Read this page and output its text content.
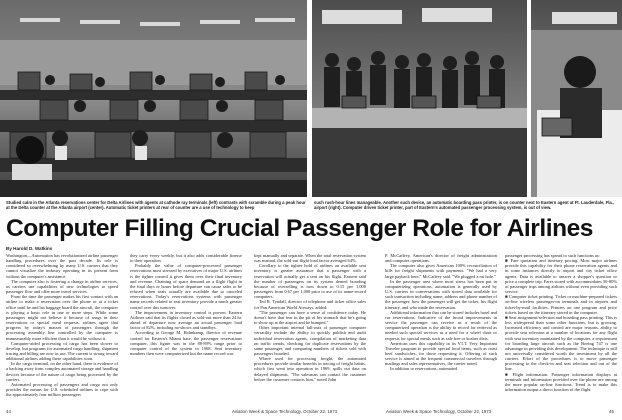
Studied calm in the Atlanta reservations center for Delta Airlines with agents at cathode ray terminals (left) contrasts with scramble during a peak hour at the Delta counter at the Atlanta airport (center). Automatic ticket printers at rear of counter are a use of technology to keep
such rush-hour lines manageable. Another such device, an automatic boarding pass printer, is on counter next to Eastern agent at Ft. Lauderdale, Fla., airport (right). Computer driven ticket printer, part of Eastern's automated passenger processing system, is out of view.
Computer Filling Crucial Passenger Role for Airlines
By Harold D. Watkins

Washington—Automation has revolutionized airline passenger handling procedures over the past decade. Its role is considered so overwhelming by many U.S. carriers that they cannot visualize the industry operating in its present form without the computer's assistance.

The computer also is fostering a change in airline services, as carriers use capabilities of new technologies to speed passenger flow and offer more travel services.

From the time the passenger makes his first contact with an airline to make a reservation over the phone or at a ticket office until he and his baggage board the aircraft, the computer is playing a basic role in one or more steps. While some passengers might not believe it because of snags in their reservations or special meal requests, airlines agree that progress by today's masses of passengers through the processing assembly line controlled by the computer is immeasurably more efficient than it would be without it.

Computer-aided processing of cargo has been slower to develop, but programs for automated cargo handling, shipment tracing and billing are now in use. The current is strong toward additional airlines adding these capabilities soon.

In the cargo terminal, on the other hand, there is evidence of a backing away from complex automated storage and handling devices because of the nature of cargo being processed by the carriers.

Automated processing of passengers and cargo not only provides the means for U.S. scheduled airlines to cope with the approximately four million passengers

they carry every weekly, but it also adds considerable finesse to their operation.

Probably the value of computer-processed passenger reservations most stressed by executives of major U.S. airlines is the tighter control it gives them over their final inventory and revenue. Chaining of space demand on a flight flight in the final days or hours before departure can cause sales to be refused when seats actually are available due to canceled reservations. Today's reservations systems with passenger name records related to seat inventory provide a much greater control over this turnover.

The improvement in inventory control is proven. Eastern Airlines said that its flights closed as sold-out more than 24 hr. ahead of departure now average an actual passenger load factor of 82%, including no-shows and standbys.

According to George M. Hohnkamp, director of revenue control for Eastern's Miami base, the passenger reservations computer, this figure was in the 88-89% range prior to computer control of the system in 1968. Seat inventory numbers then were computerized but the name record was

kept manually and separate. When the total reservation system was manual, the sold-out flight load factor averaged 64%.

Corollary to the tighter hold of airlines on available seat inventory is greater assurance that a passenger with a reservation will actually get a seat on his flight. Eastern said the number of passengers on its system denied boarding because of overselling is now down to 0.15 per 1,000 passengers from 0.67 per 1,000 prior to use of its name-record computers.

Ted R. Tyndall, director of telephone and ticket office sales for Pan American World Airways, added:

"The passenger can have a sense of confidence today. He doesn't have that fear in the pit of his stomach that he's going to show up at the airport and be bumped."

Other important internal fall-outs of passenger computer versatility include the ability to quickly publish and audit individual reservation agents, compilation of marketing data on traffic trends, checking for duplicate reservations by the same passenger, and comparing numbers of tickets sold with passengers boarded.

Where used for processing freight, the automated procedures provide similar benefits in tracing of freight habits, which first went into operation in 1969, spills out data on delayed shipments. "The salesman can contact the customer before the customer contacts him," noted John

P. McCaffrey, American's director of freight administration and computer operations.

The computer also gives American 100% reconciliation of bills for freight shipments with payments. "We had a very large payback here," McCaffrey said. "We plugged a rat hole."

In the passenger area where most stress has been put in computerizing operations, automation is generally used by U.S. carriers in conversations with stored data available for such transaction including name, address and phone number of the passenger, how the passenger will get the ticket, his flight itinerary, and who made the reservation.

Additional information that can be stored includes hotel and car reservations. Indicative of the broad improvements in service the passenger can receive as a result of the computerized operation is the ability to record for retrieval as needed such special services as a need for a wheel chair or requests for special meals such as salt-free or kosher diets.

American uses this capability in its V.I.T. Very Important Traveler program to provide special food items, such as roast beef sandwiches, for those requesting it. Offering of such service is aimed at the frequent commercial travelers through mailings and sales representatives, the carrier noted.

In addition to reservations, automated

passenger processing has spread to such functions as:

■ Fare quotation and itinerary pricing. Most major airlines provide this capability for their phone reservation agents and in some instances directly to airport and city ticket office agents. Data is available to answer a shopper's question or price a complete trip. Fares stored with accommodates 50-80% of passenger trips among airlines without even providing such service.

■ Computer ticket printing. Ticket or machine-prepared tickets on-line wireless passenger-on terminals and in airports and ticket-by-mail facilities. Printers on one program and price tickets based on the itinerary stored in the computer.

■ Seat assignment/selection and boarding pass printing. This is less widespread than some other functions, but is growing. Increased efficiency and control are major reasons, ability to provide seat selection at a number of locations for any flight with seat inventory maintained by the computer, a requirement for boarding large aircraft such as the Boeing 747 is one advantage in providing this development. The technique is still not universally considered worth the investment by all the carriers. Effort of the procedures is to move passenger processing to the check-in and seat selection and out of the line.

■ Flight information. Passenger information displays at terminals and information provided over the phone are among the more popular on-line functions. Trend is to make this information output a direct function of the flight

44	Aviation Week & Space Technology, October 22, 1973	Aviation Week & Space Technology, October 22, 1973	45
